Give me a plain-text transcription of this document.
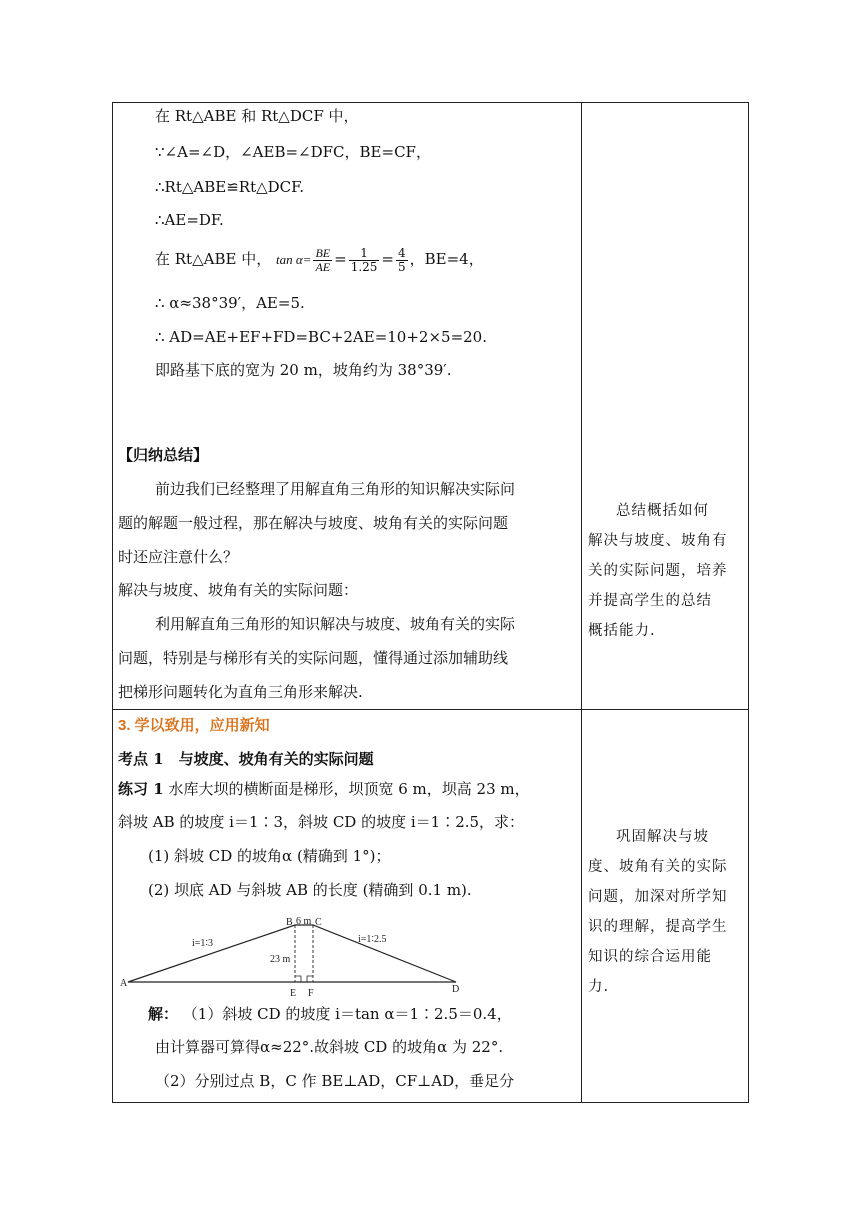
在 Rt△ABE 和 Rt△DCF 中，
∵∠A=∠D，∠AEB=∠DFC，BE=CF，
∴Rt△ABE≌Rt△DCF.
∴AE=DF.
在 Rt△ABE 中， $\tan \alpha= \frac{BE}{AE} = \frac{1}{1.25} = \frac{4}{5}$ ，BE=4，
∴ α≈38°39′，AE=5.
∴ AD=AE+EF+FD=BC+2AE=10+2×5=20.
即路基下底的宽为 20 m，坡角约为 38°39′.
【归纳总结】
前边我们已经整理了用解直角三角形的知识解决实际问
题的解题一般过程，那在解决与坡度、坡角有关的实际问题
时还应注意什么？
解决与坡度、坡角有关的实际问题：
利用解直角三角形的知识解决与坡度、坡角有关的实际
问题，特别是与梯形有关的实际问题，懂得通过添加辅助线
把梯形问题转化为直角三角形来解决.
3. 学以致用，应用新知
考点 1　与坡度、坡角有关的实际问题
练习 1 水库大坝的横断面是梯形，坝顶宽 6 m，坝高 23 m，
斜坡 AB 的坡度 i＝1∶3，斜坡 CD 的坡度 i＝1∶2.5，求：
(1) 斜坡 CD 的坡角α (精确到 1°)；
(2) 坝底 AD 与斜坡 AB 的长度 (精确到 0.1 m).
A
B C
D
E F
6 m
23 m
i=1∶3	i=1∶2.5
解： （1）斜坡 CD 的坡度 i＝tan α＝1∶2.5＝0.4，
由计算器可算得α≈22°.故斜坡 CD 的坡角α 为 22°.
（2）分别过点 B，C 作 BE⊥AD，CF⊥AD，垂足分
总结概括如何
解决与坡度、坡角有
关的实际问题，培养
并提高学生的总结
概括能力.
巩固解决与坡
度、坡角有关的实际
问题，加深对所学知
识的理解，提高学生
知识的综合运用能
力.
